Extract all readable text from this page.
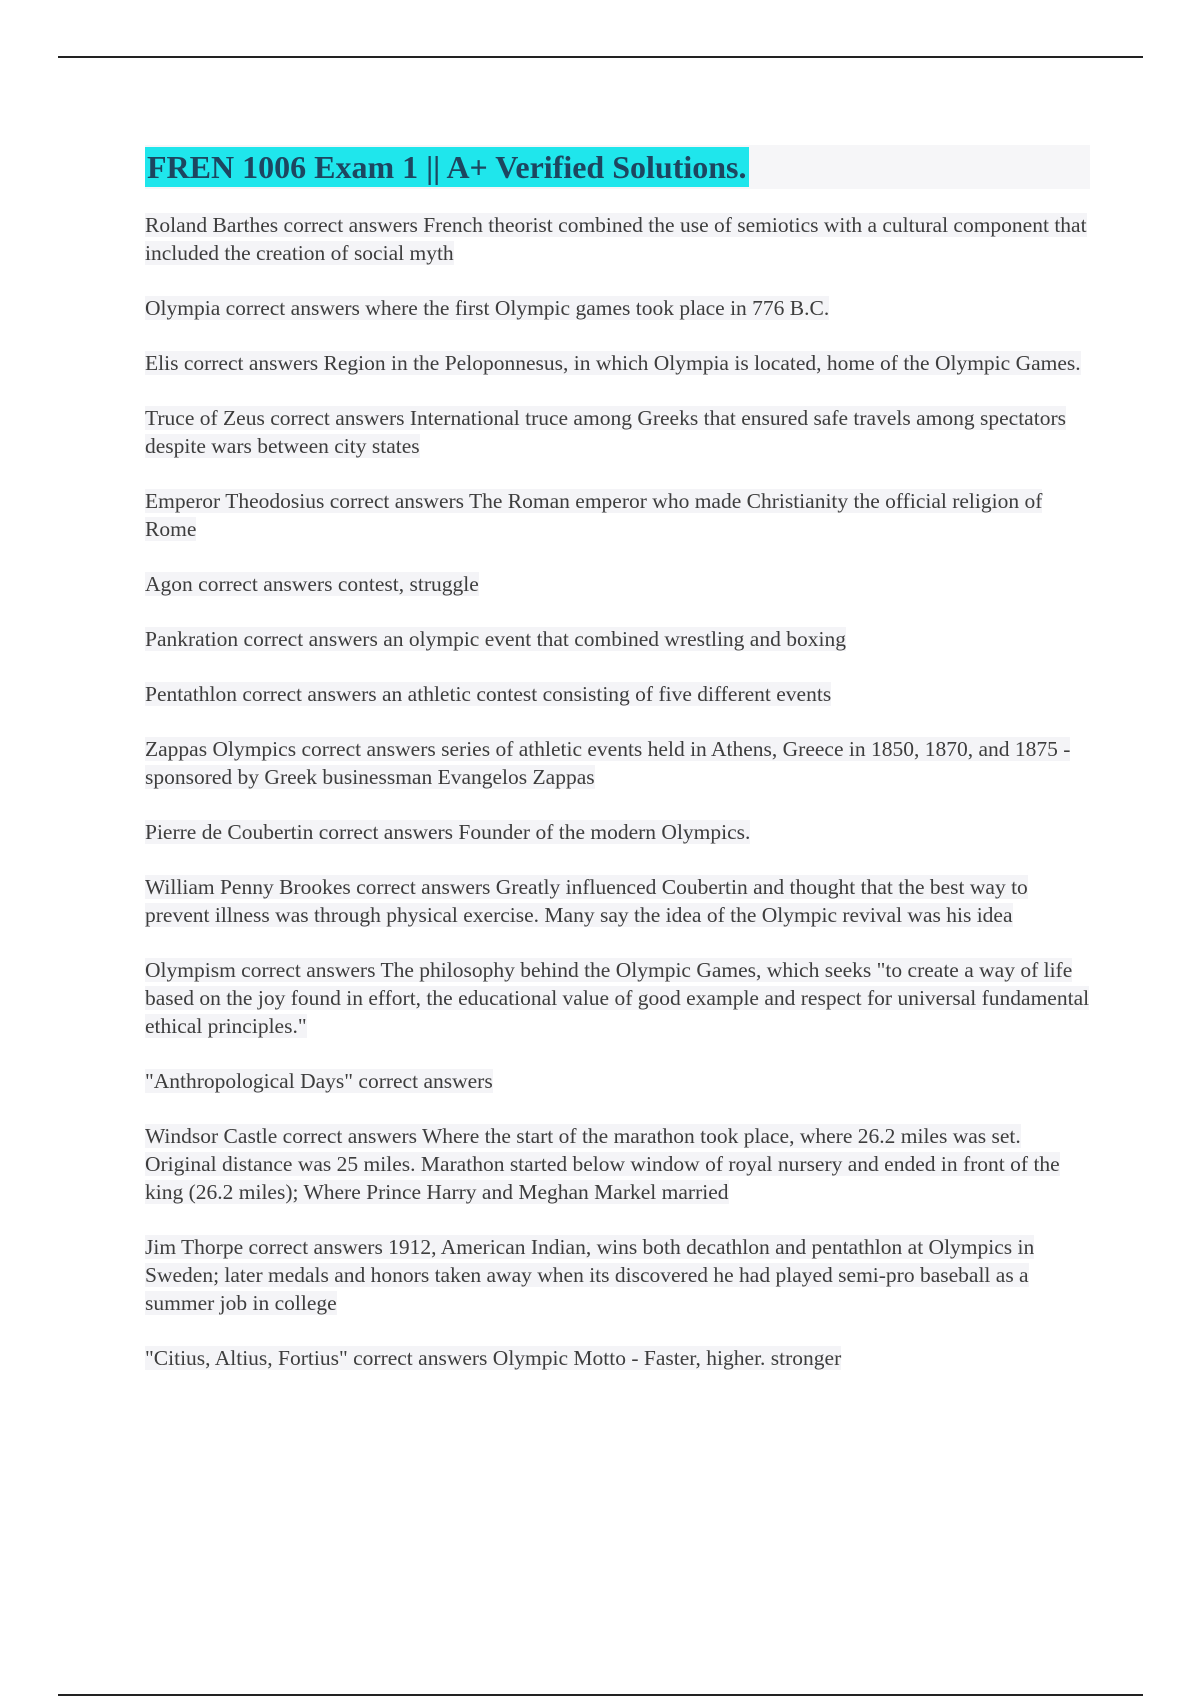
FREN 1006 Exam 1 || A+ Verified Solutions.

Roland Barthes correct answers French theorist combined the use of semiotics with a cultural component that included the creation of social myth

Olympia correct answers where the first Olympic games took place in 776 B.C.

Elis correct answers Region in the Peloponnesus, in which Olympia is located, home of the Olympic Games.

Truce of Zeus correct answers International truce among Greeks that ensured safe travels among spectators despite wars between city states

Emperor Theodosius correct answers The Roman emperor who made Christianity the official religion of Rome

Agon correct answers contest, struggle

Pankration correct answers an olympic event that combined wrestling and boxing

Pentathlon correct answers an athletic contest consisting of five different events

Zappas Olympics correct answers series of athletic events held in Athens, Greece in 1850, 1870, and 1875 - sponsored by Greek businessman Evangelos Zappas

Pierre de Coubertin correct answers Founder of the modern Olympics.

William Penny Brookes correct answers Greatly influenced Coubertin and thought that the best way to prevent illness was through physical exercise. Many say the idea of the Olympic revival was his idea

Olympism correct answers The philosophy behind the Olympic Games, which seeks "to create a way of life based on the joy found in effort, the educational value of good example and respect for universal fundamental ethical principles."

"Anthropological Days" correct answers

Windsor Castle correct answers Where the start of the marathon took place, where 26.2 miles was set. Original distance was 25 miles. Marathon started below window of royal nursery and ended in front of the king (26.2 miles); Where Prince Harry and Meghan Markel married

Jim Thorpe correct answers 1912, American Indian, wins both decathlon and pentathlon at Olympics in Sweden; later medals and honors taken away when its discovered he had played semi-pro baseball as a summer job in college

"Citius, Altius, Fortius" correct answers Olympic Motto - Faster, higher. stronger
